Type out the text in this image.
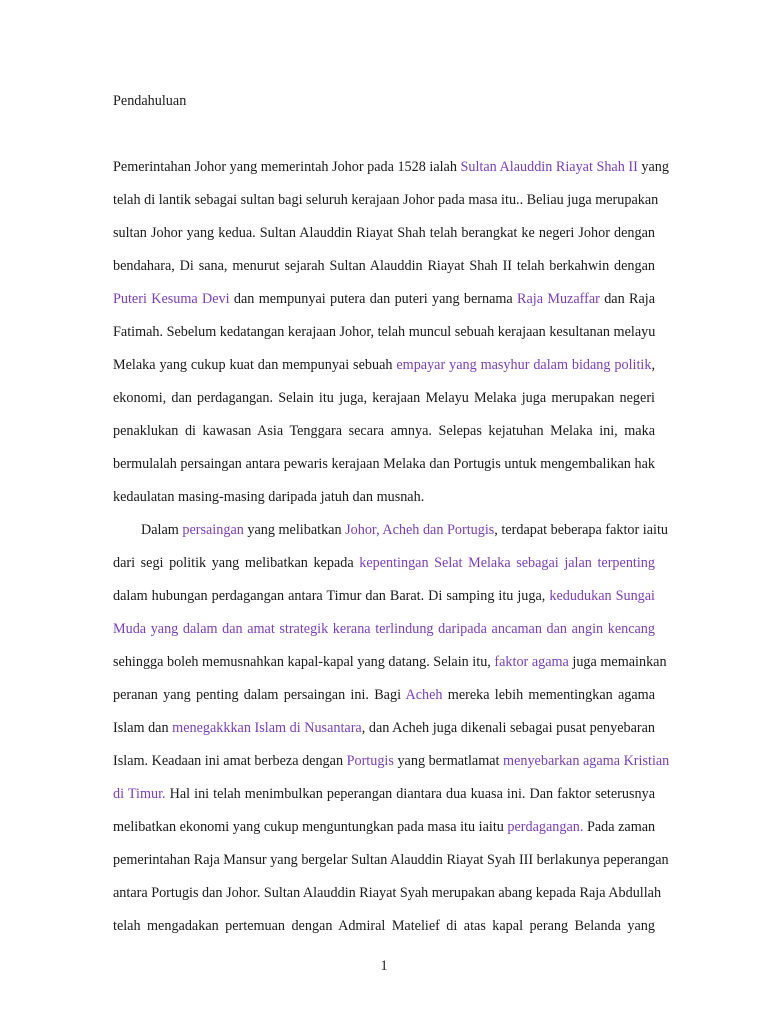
Pendahuluan
Pemerintahan Johor yang memerintah Johor pada 1528 ialah Sultan Alauddin Riayat Shah II yang
telah di lantik sebagai sultan bagi seluruh kerajaan Johor pada masa itu.. Beliau juga merupakan
sultan Johor yang kedua. Sultan Alauddin Riayat Shah telah berangkat ke negeri Johor dengan
bendahara, Di sana, menurut sejarah Sultan Alauddin Riayat Shah II telah berkahwin dengan
Puteri Kesuma Devi dan mempunyai putera dan puteri yang bernama Raja Muzaffar dan Raja
Fatimah. Sebelum kedatangan kerajaan Johor, telah muncul sebuah kerajaan kesultanan melayu
Melaka yang cukup kuat dan mempunyai sebuah empayar yang masyhur dalam bidang politik,
ekonomi, dan perdagangan. Selain itu juga, kerajaan Melayu Melaka juga merupakan negeri
penaklukan di kawasan Asia Tenggara secara amnya. Selepas kejatuhan Melaka ini, maka
bermulalah persaingan antara pewaris kerajaan Melaka dan Portugis untuk mengembalikan hak
kedaulatan masing-masing daripada jatuh dan musnah.
Dalam persaingan yang melibatkan Johor, Acheh dan Portugis, terdapat beberapa faktor iaitu
dari segi politik yang melibatkan kepada kepentingan Selat Melaka sebagai jalan terpenting
dalam hubungan perdagangan antara Timur dan Barat. Di samping itu juga, kedudukan Sungai
Muda yang dalam dan amat strategik kerana terlindung daripada ancaman dan angin kencang
sehingga boleh memusnahkan kapal-kapal yang datang. Selain itu, faktor agama juga memainkan
peranan yang penting dalam persaingan ini. Bagi Acheh mereka lebih mementingkan agama
Islam dan menegakkkan Islam di Nusantara, dan Acheh juga dikenali sebagai pusat penyebaran
Islam. Keadaan ini amat berbeza dengan Portugis yang bermatlamat menyebarkan agama Kristian
di Timur. Hal ini telah menimbulkan peperangan diantara dua kuasa ini. Dan faktor seterusnya
melibatkan ekonomi yang cukup menguntungkan pada masa itu iaitu perdagangan. Pada zaman
pemerintahan Raja Mansur yang bergelar Sultan Alauddin Riayat Syah III berlakunya peperangan
antara Portugis dan Johor. Sultan Alauddin Riayat Syah merupakan abang kepada Raja Abdullah
telah mengadakan pertemuan dengan Admiral Matelief di atas kapal perang Belanda yang
1
